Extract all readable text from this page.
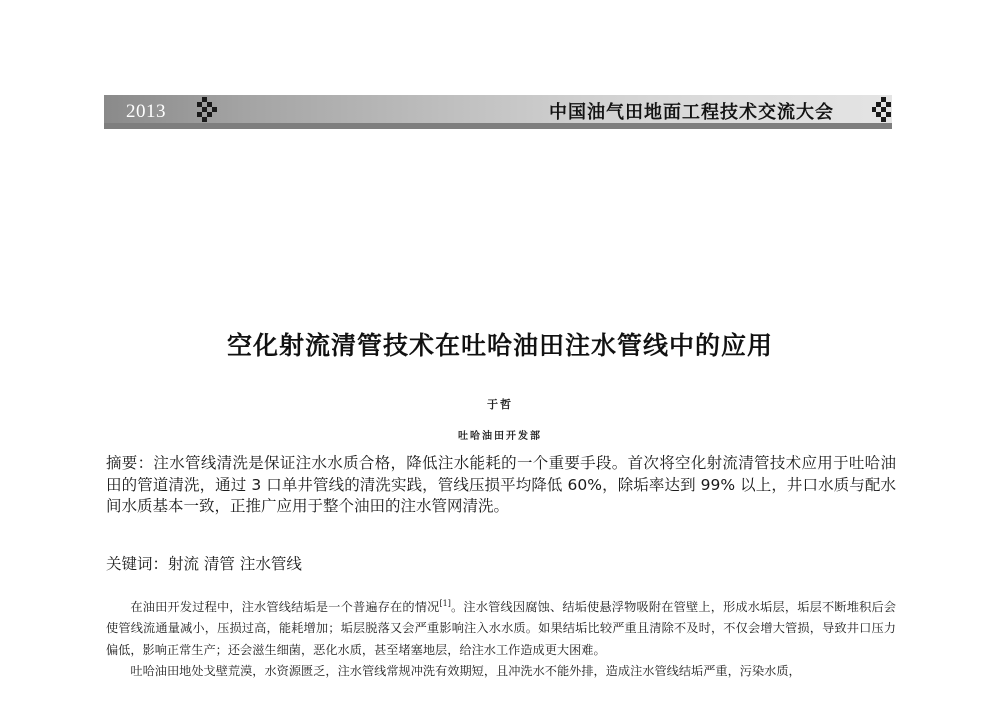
2013	中国油气田地面工程技术交流大会
空化射流清管技术在吐哈油田注水管线中的应用
于哲
吐哈油田开发部

摘要：注水管线清洗是保证注水水质合格，降低注水能耗的一个重要手段。首次将空化射流清管技术应用于吐哈油田的管道清洗，通过 3 口单井管线的清洗实践，管线压损平均降低 60%，除垢率达到 99% 以上，井口水质与配水间水质基本一致，正推广应用于整个油田的注水管网清洗。

关键词：射流 清管 注水管线

在油田开发过程中，注水管线结垢是一个普遍存在的情况[1]。注水管线因腐蚀、结垢使悬浮物吸附在管壁上，形成水垢层，垢层不断堆积后会使管线流通量减小，压损过高，能耗增加；垢层脱落又会严重影响注入水水质。如果结垢比较严重且清除不及时，不仅会增大管损，导致井口压力偏低，影响正常生产；还会滋生细菌，恶化水质，甚至堵塞地层，给注水工作造成更大困难。

吐哈油田地处戈壁荒漠，水资源匮乏，注水管线常规冲洗有效期短，且冲洗水不能外排，造成注水管线结垢严重，污染水质，
